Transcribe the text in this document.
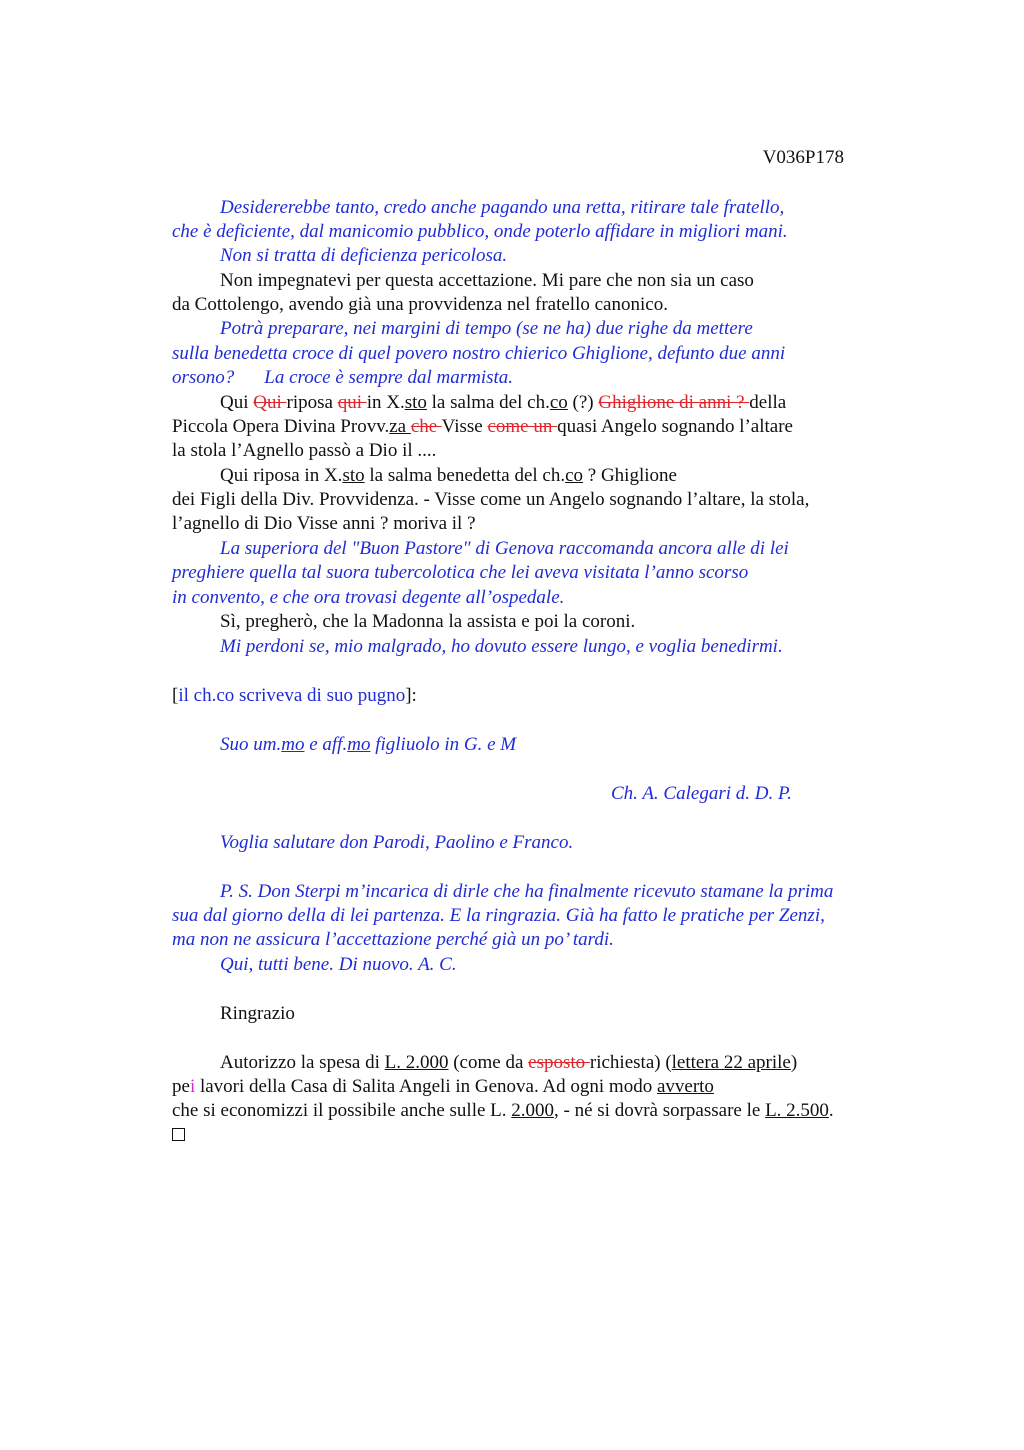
V036P178
Desidererebbe tanto, credo anche pagando una retta, ritirare tale fratello,
che è deficiente, dal manicomio pubblico, onde poterlo affidare in migliori mani.
Non si tratta di deficienza pericolosa.
Non impegnatevi per questa accettazione. Mi pare che non sia un caso
da Cottolengo, avendo già una provvidenza nel fratello canonico.
Potrà preparare, nei margini di tempo (se ne ha) due righe da mettere
sulla benedetta croce di quel povero nostro chierico Ghiglione, defunto due anni
orsono? La croce è sempre dal marmista.
Qui Qui riposa qui in X.sto la salma del ch.co (?) Ghiglione di anni ? della
Piccola Opera Divina Provv.za che Visse come un quasi Angelo sognando l’altare
la stola l’Agnello passò a Dio il ....
Qui riposa in X.sto la salma benedetta del ch.co ? Ghiglione
dei Figli della Div. Provvidenza. - Visse come un Angelo sognando l’altare, la stola,
l’agnello di Dio Visse anni ? moriva il ?
La superiora del "Buon Pastore" di Genova raccomanda ancora alle di lei
preghiere quella tal suora tubercolotica che lei aveva visitata l’anno scorso
in convento, e che ora trovasi degente all’ospedale.
Sì, pregherò, che la Madonna la assista e poi la coroni.
Mi perdoni se, mio malgrado, ho dovuto essere lungo, e voglia benedirmi.
[il ch.co scriveva di suo pugno]:
Suo um.mo e aff.mo figliuolo in G. e M
Ch. A. Calegari d. D. P.
Voglia salutare don Parodi, Paolino e Franco.
P. S. Don Sterpi m’incarica di dirle che ha finalmente ricevuto stamane la prima
sua dal giorno della di lei partenza. E la ringrazia. Già ha fatto le pratiche per Zenzi,
ma non ne assicura l’accettazione perché già un po’ tardi.
Qui, tutti bene. Di nuovo. A. C.
Ringrazio
Autorizzo la spesa di L. 2.000 (come da esposto richiesta) (lettera 22 aprile)
pei lavori della Casa di Salita Angeli in Genova. Ad ogni modo avverto
che si economizzi il possibile anche sulle L. 2.000, - né si dovrà sorpassare le L. 2.500.
